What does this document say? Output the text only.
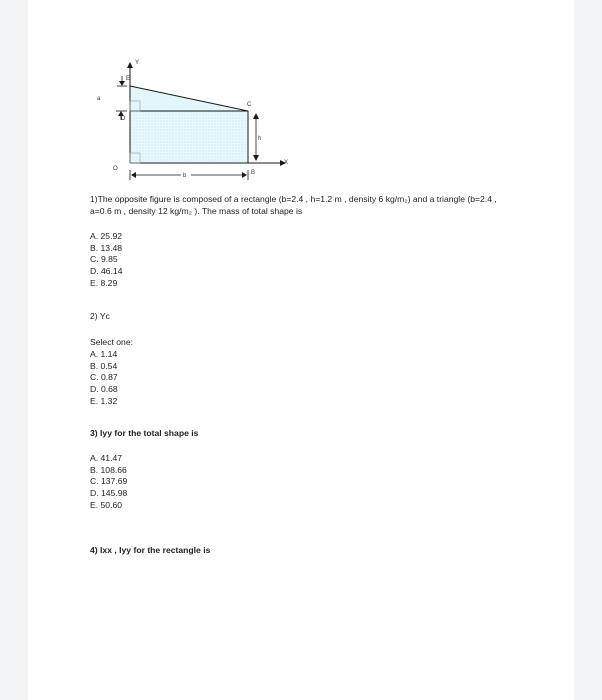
Y
E
a
D
C
h
X
O
b	B
1)The opposite figure is composed of a rectangle (b=2.4 , h=1.2 m , density 6 kg/m₂) and a triangle (b=2.4 , a=0.6 m , density 12 kg/m₂ ). The mass of total shape is
A. 25.92
B. 13.48
C. 9.85
D. 46.14
E. 8.29
2) Yc
Select one:
A. 1.14
B. 0.54
C. 0.87
D. 0.68
E. 1.32
3) Iyy for the total shape is
A. 41.47
B. 108.66
C. 137.69
D. 145.98
E. 50.60
4) Ixx , Iyy for the rectangle is
